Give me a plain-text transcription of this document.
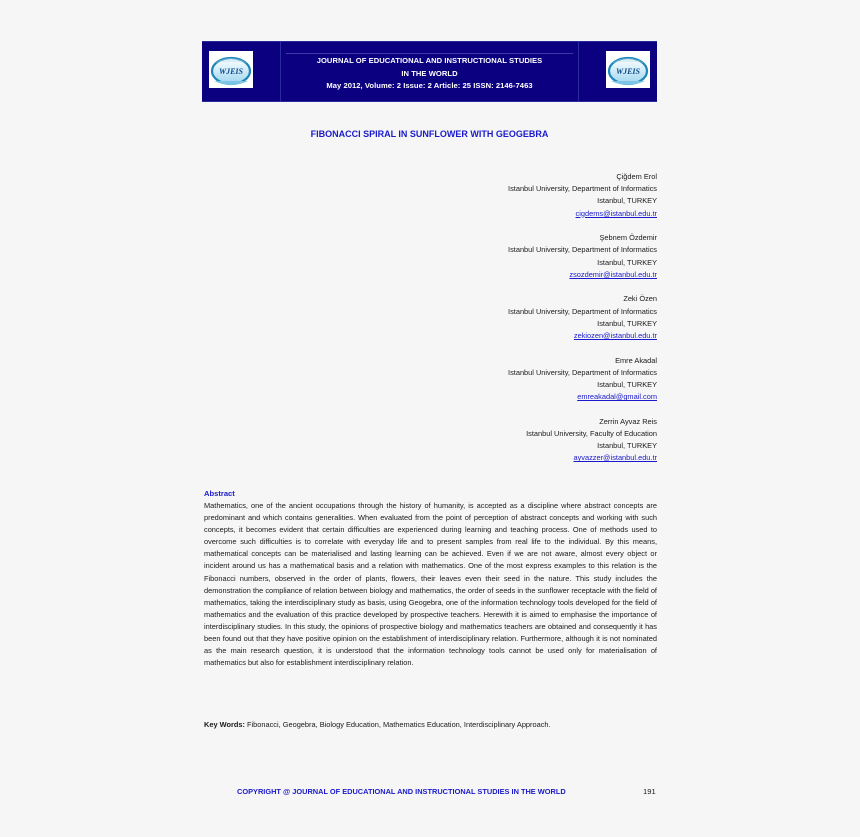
WJEIS
JOURNAL OF EDUCATIONAL AND INSTRUCTIONAL STUDIES
IN THE WORLD
May 2012, Volume: 2 Issue: 2 Article: 25 ISSN: 2146-7463
WJEIS
FIBONACCI SPIRAL IN SUNFLOWER WITH GEOGEBRA
Çiğdem Erol
Istanbul University, Department of Informatics
Istanbul, TURKEY
cigdems@istanbul.edu.tr
Şebnem Özdemir
Istanbul University, Department of Informatics
Istanbul, TURKEY
zsozdemir@istanbul.edu.tr
Zeki Özen
Istanbul University, Department of Informatics
Istanbul, TURKEY
zekiozen@istanbul.edu.tr
Emre Akadal
Istanbul University, Department of Informatics
Istanbul, TURKEY
emreakadal@gmail.com
Zerrin Ayvaz Reis
Istanbul University, Faculty of Education
Istanbul, TURKEY
ayvazzer@istanbul.edu.tr
Abstract

Mathematics, one of the ancient occupations through the history of humanity, is accepted as a discipline where abstract concepts are predominant and which contains generalities. When evaluated from the point of perception of abstract concepts and working with such concepts, it becomes evident that certain difficulties are experienced during learning and teaching process. One of methods used to overcome such difficulties is to correlate with everyday life and to present samples from real life to the individual. By this means, mathematical concepts can be materialised and lasting learning can be achieved. Even if we are not aware, almost every object or incident around us has a mathematical basis and a relation with mathematics. One of the most express examples to this relation is the Fibonacci numbers, observed in the order of plants, flowers, their leaves even their seed in the nature. This study includes the demonstration the compliance of relation between biology and mathematics, the order of seeds in the sunflower receptacle with the field of mathematics, taking the interdisciplinary study as basis, using Geogebra, one of the information technology tools developed for the field of mathematics and the evaluation of this practice developed by prospective teachers. Herewith it is aimed to emphasise the importance of interdisciplinary studies. In this study, the opinions of prospective biology and mathematics teachers are obtained and consequently it has been found out that they have positive opinion on the establishment of interdisciplinary relation. Furthermore, although it is not nominated as the main research question, it is understood that the information technology tools cannot be used only for materialisation of mathematics but also for establishment interdisciplinary relation.

Key Words: Fibonacci, Geogebra, Biology Education, Mathematics Education, Interdisciplinary Approach.
COPYRIGHT @ JOURNAL OF EDUCATIONAL AND INSTRUCTIONAL STUDIES IN THE WORLD	191
